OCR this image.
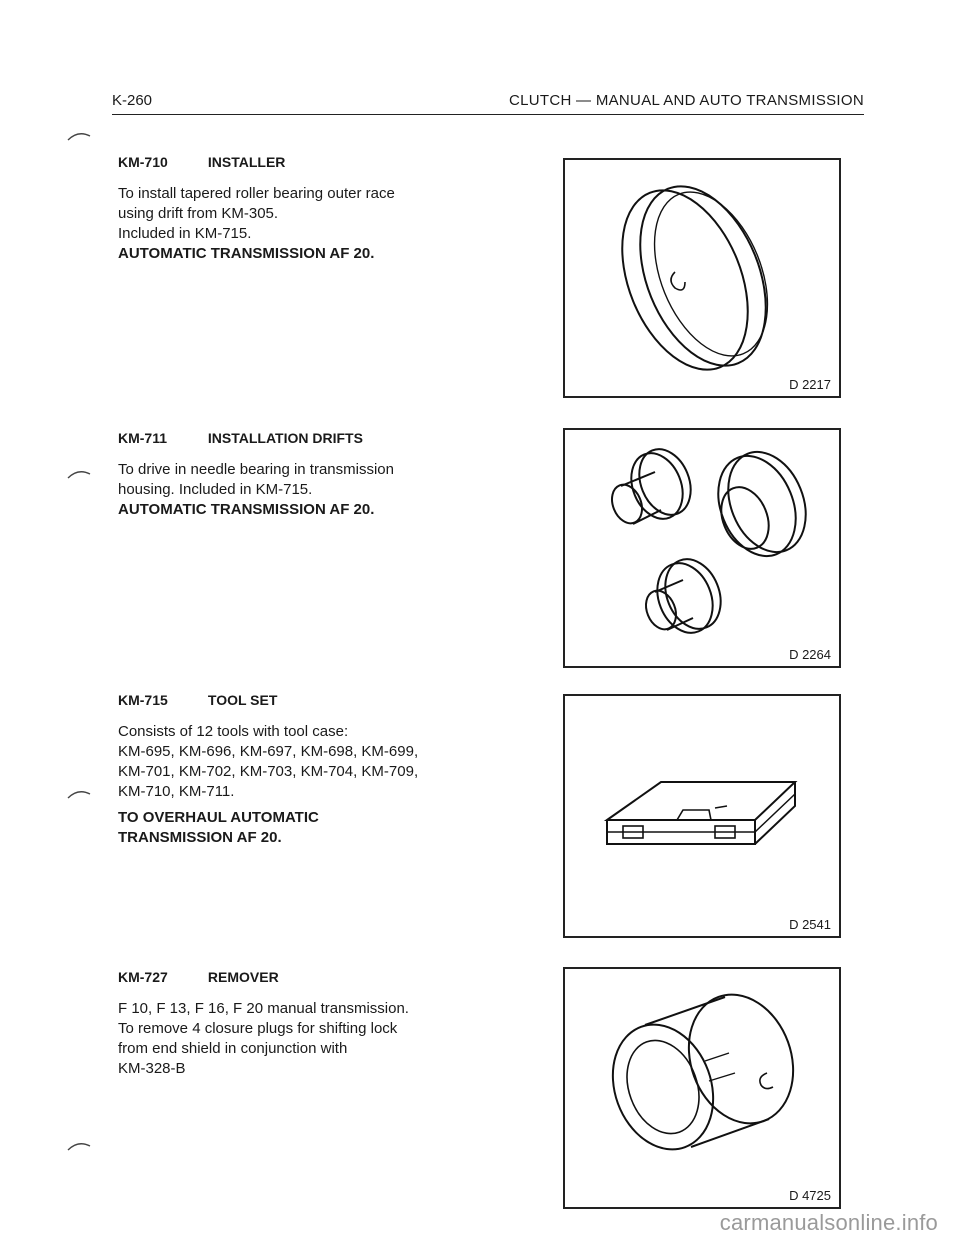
K-260	CLUTCH — MANUAL AND AUTO TRANSMISSION
KM-710	INSTALLER
To install tapered roller bearing outer race
using drift from KM-305.
Included in KM-715.
AUTOMATIC TRANSMISSION AF 20.
D 2217
KM-711	INSTALLATION DRIFTS
To drive in needle bearing in transmission
housing. Included in KM-715.
AUTOMATIC TRANSMISSION AF 20.
D 2264
KM-715	TOOL SET
Consists of 12 tools with tool case:
KM-695, KM-696, KM-697, KM-698, KM-699,
KM-701, KM-702, KM-703, KM-704, KM-709,
KM-710, KM-711.
TO OVERHAUL AUTOMATIC
TRANSMISSION AF 20.
D 2541
KM-727	REMOVER
F 10, F 13, F 16, F 20 manual transmission.
To remove 4 closure plugs for shifting lock
from end shield in conjunction with
KM-328-B
D 4725
carmanualsonline.info
